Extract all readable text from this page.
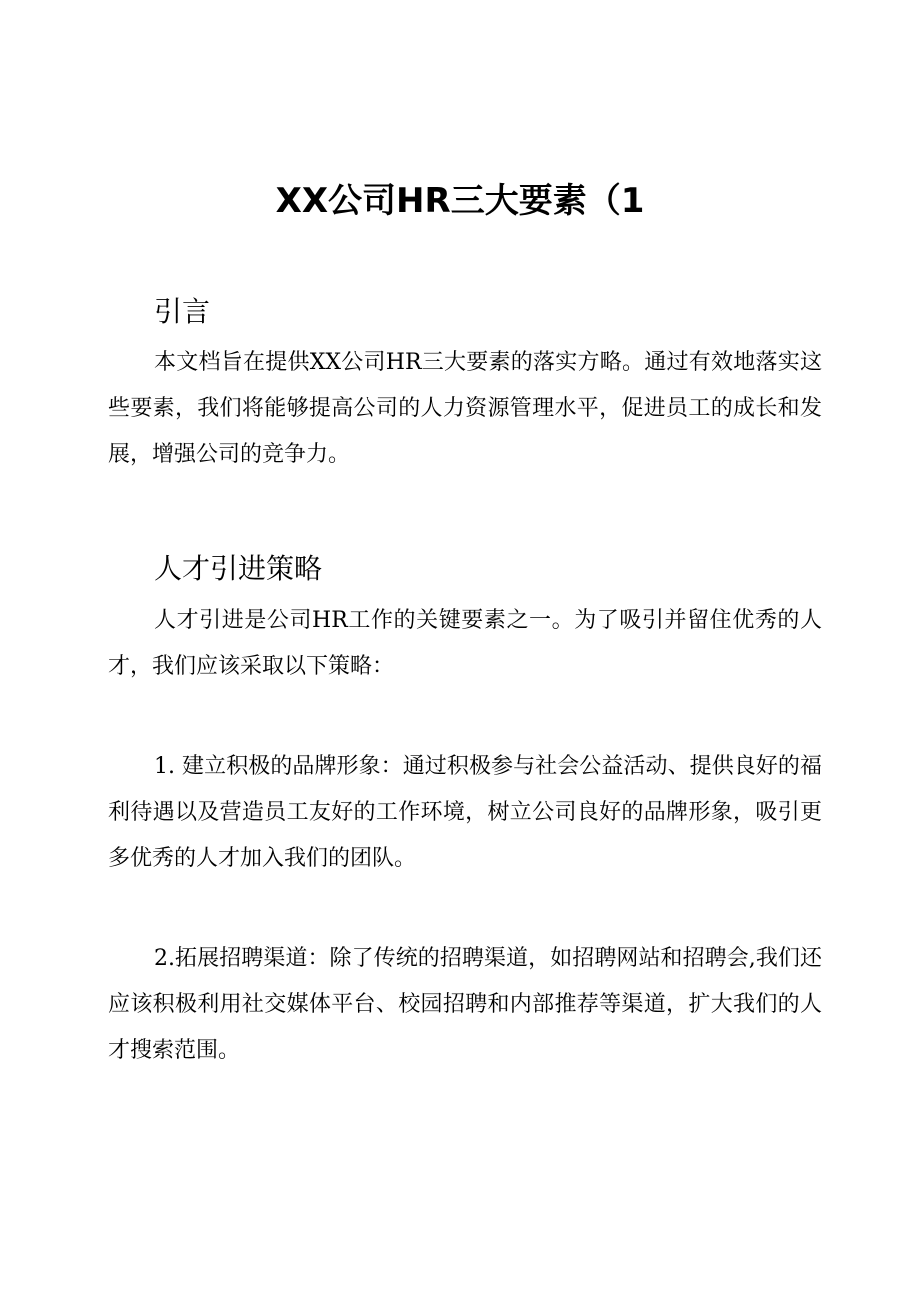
XX公司HR三大要素（1
引言
本文档旨在提供XX公司HR三大要素的落实方略。通过有效地落实这些要素，我们将能够提高公司的人力资源管理水平，促进员工的成长和发展，增强公司的竞争力。
人才引进策略
人才引进是公司HR工作的关键要素之一。为了吸引并留住优秀的人才，我们应该采取以下策略：
1. 建立积极的品牌形象：通过积极参与社会公益活动、提供良好的福利待遇以及营造员工友好的工作环境，树立公司良好的品牌形象，吸引更多优秀的人才加入我们的团队。
2.拓展招聘渠道：除了传统的招聘渠道，如招聘网站和招聘会,我们还应该积极利用社交媒体平台、校园招聘和内部推荐等渠道，扩大我们的人才搜索范围。
